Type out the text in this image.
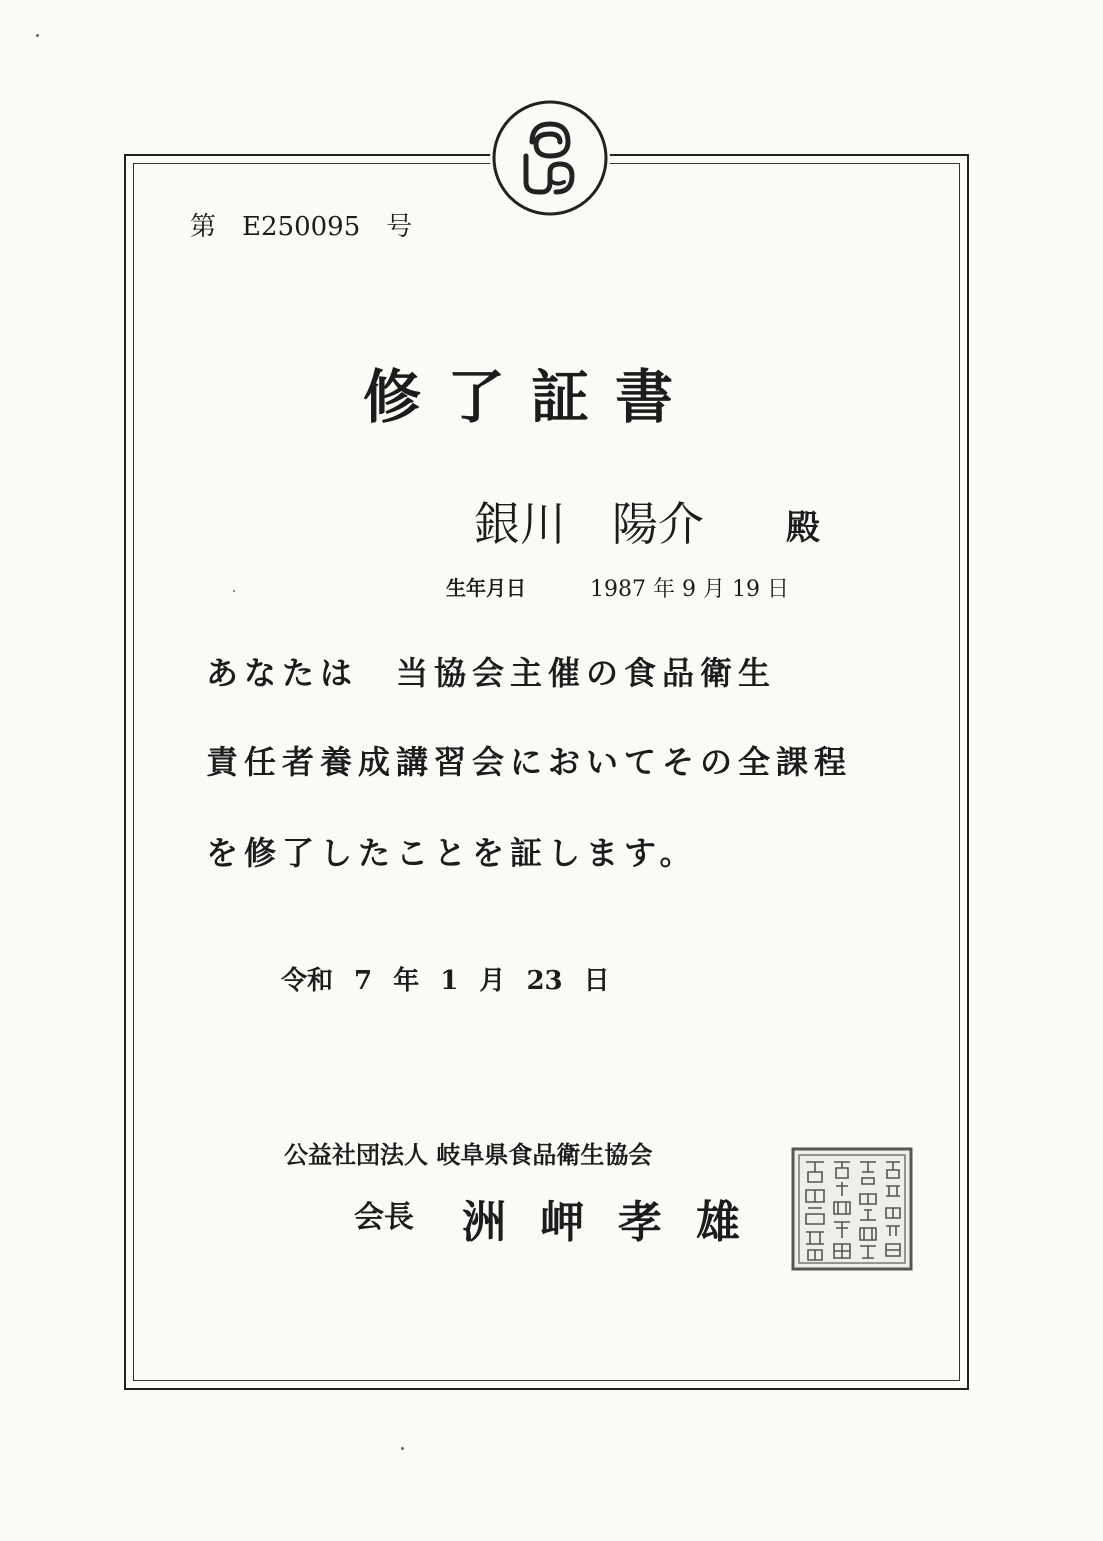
第　E250095　号
修了証書
銀川　陽介 殿
生年月日	1987 年 9 月 19 日
あなたは　当協会主催の食品衛生
責任者養成講習会においてその全課程
を修了したことを証します。
令和 7 年 1 月 23 日
公益社団法人 岐阜県食品衛生協会
会長 洲岬孝雄
